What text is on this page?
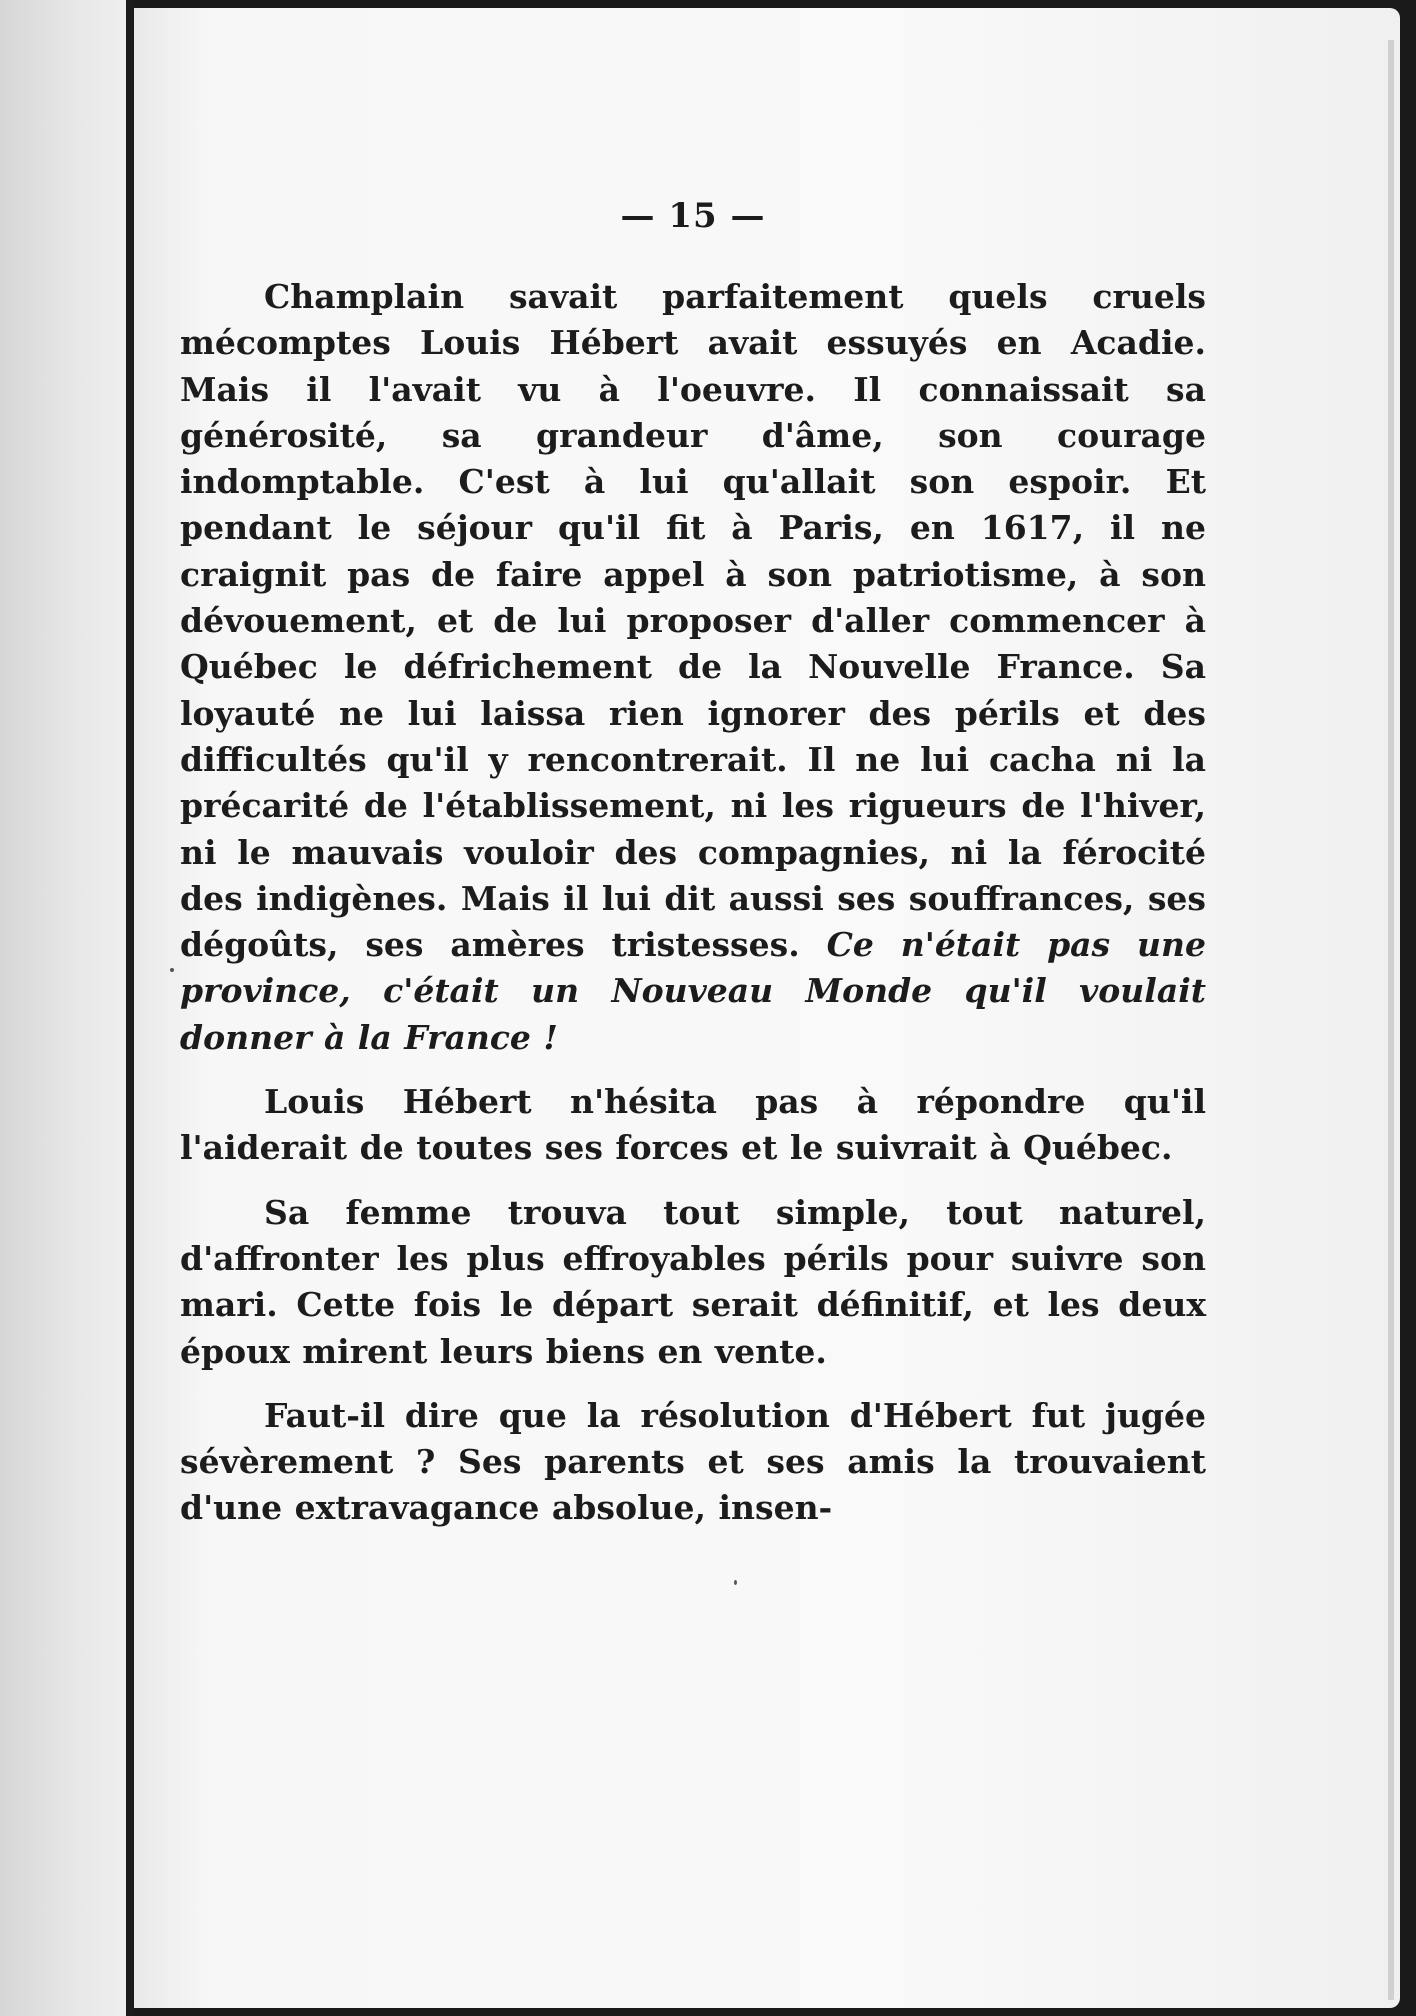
— 15 —

Champlain savait parfaitement quels cruels mécomptes Louis Hébert avait essuyés en Acadie. Mais il l'avait vu à l'oeuvre. Il connaissait sa générosité, sa grandeur d'âme, son courage indomptable. C'est à lui qu'allait son espoir. Et pendant le séjour qu'il fit à Paris, en 1617, il ne craignit pas de faire appel à son patriotisme, à son dévouement, et de lui proposer d'aller commencer à Québec le défrichement de la Nouvelle France. Sa loyauté ne lui laissa rien ignorer des périls et des difficultés qu'il y rencontrerait. Il ne lui cacha ni la précarité de l'établissement, ni les rigueurs de l'hiver, ni le mauvais vouloir des compagnies, ni la férocité des indigènes. Mais il lui dit aussi ses souffrances, ses dégoûts, ses amères tristesses. Ce n'était pas une province, c'était un Nouveau Monde qu'il voulait donner à la France !

Louis Hébert n'hésita pas à répondre qu'il l'aiderait de toutes ses forces et le suivrait à Québec.

Sa femme trouva tout simple, tout naturel, d'affronter les plus effroyables périls pour suivre son mari. Cette fois le départ serait définitif, et les deux époux mirent leurs biens en vente.

Faut-il dire que la résolution d'Hébert fut jugée sévèrement ? Ses parents et ses amis la trouvaient d'une extravagance absolue, insen-
